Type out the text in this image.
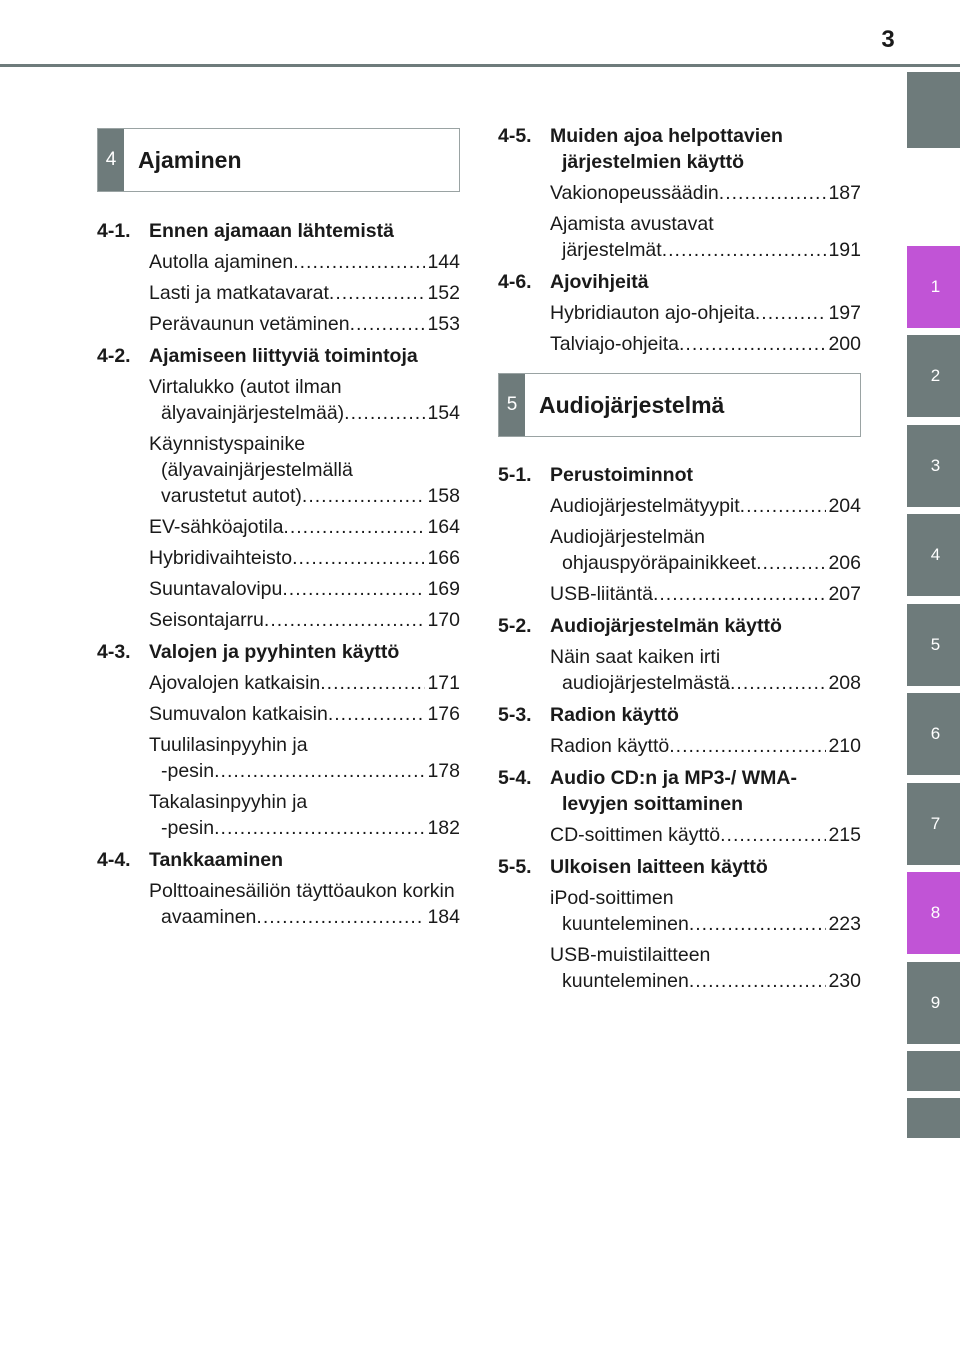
3
1
2
3
4
5
6
7
8
9
4 Ajaminen
4-1. Ennen ajamaan lähtemistä
Autolla ajaminen .....	144
Lasti ja matkatavarat .....	152
Perävaunun vetäminen .....	153
4-2. Ajamiseen liittyviä toimintoja
Virtalukko (autot ilman
älyavainjärjestelmää) .....	154
Käynnistyspainike (älyavainjärjestelmällä
varustetut autot) .....	158
EV-sähköajotila .....	164
Hybridivaihteisto .....	166
Suuntavalovipu .....	169
Seisontajarru .....	170
4-3. Valojen ja pyyhinten käyttö
Ajovalojen katkaisin .....	171
Sumuvalon katkaisin .....	176
Tuulilasinpyyhin ja
-pesin .....	178
Takalasinpyyhin ja
-pesin .....	182
4-4. Tankkaaminen
Polttoainesäiliön täyttöaukon korkin
avaaminen .....	184
4-5. Muiden ajoa helpottavien järjestelmien käyttö
Vakionopeussäädin .....	187
Ajamista avustavat
järjestelmät .....	191
4-6. Ajovihjeitä
Hybridiauton ajo-ohjeita .....	197
Talviajo-ohjeita .....	200
5 Audiojärjestelmä
5-1. Perustoiminnot
Audiojärjestelmätyypit .....	204
Audiojärjestelmän
ohjauspyöräpainikkeet .....	206
USB-liitäntä .....	207
5-2. Audiojärjestelmän käyttö
Näin saat kaiken irti
audiojärjestelmästä .....	208
5-3. Radion käyttö
Radion käyttö .....	210
5-4. Audio CD:n ja MP3-/ WMA-levyjen soittaminen
CD-soittimen käyttö .....	215
5-5. Ulkoisen laitteen käyttö
iPod-soittimen
kuunteleminen .....	223
USB-muistilaitteen
kuunteleminen .....	230
